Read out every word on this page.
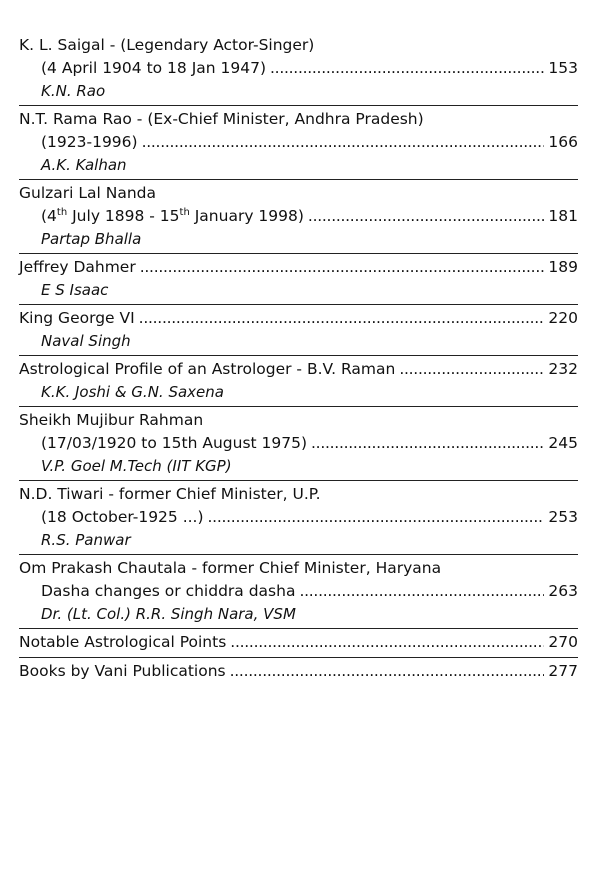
K. L. Saigal - (Legendary Actor-Singer)
(4 April 1904 to 18 Jan 1947) . . .	153
K.N. Rao
N.T. Rama Rao - (Ex-Chief Minister, Andhra Pradesh)
(1923-1996) . . .	166
A.K. Kalhan
Gulzari Lal Nanda
(4th July 1898 - 15th January 1998) . . .	181
Partap Bhalla
Jeffrey Dahmer . . .	189
E S Isaac
King George VI . . .	220
Naval Singh
Astrological Profile of an Astrologer - B.V. Raman . . .	232
K.K. Joshi & G.N. Saxena
Sheikh Mujibur Rahman
(17/03/1920 to 15th August 1975) . . .	245
V.P. Goel M.Tech (IIT KGP)
N.D. Tiwari - former Chief Minister, U.P.
(18 October-1925 ...) . . .	253
R.S. Panwar
Om Prakash Chautala - former Chief Minister, Haryana
Dasha changes or chiddra dasha . . .	263
Dr. (Lt. Col.) R.R. Singh Nara, VSM
Notable Astrological Points . . .	270
Books by Vani Publications . . .	277
